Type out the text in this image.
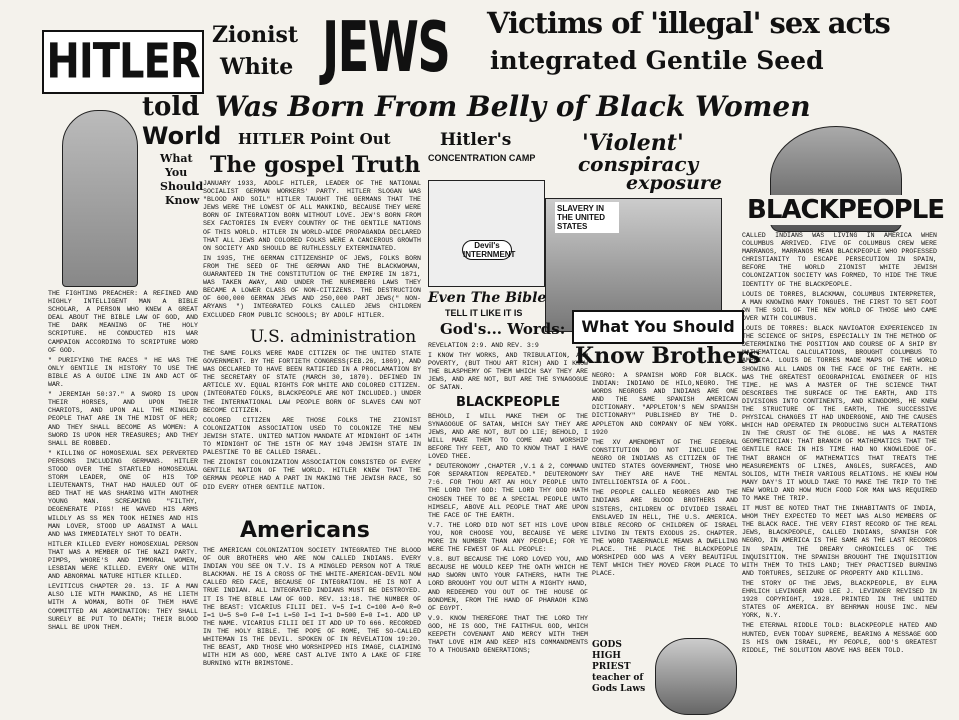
HITLER
told
World
What
You
Should
Know
Zionist
White JEWS Victims of 'illegal' sex acts
integrated Gentile Seed
Was Born From Belly of Black Women
HITLER Point Out
The gospel Truth
Hitler's
CONCENTRATION CAMP
Devil's INTERNMENT
SLAVERY IN THE UNITED STATES
'Violent'
conspiracy
exposure
BLACKPEOPLE
Even The Bible
TELL IT LIKE IT IS
God's... Words:	What You Should
Know Brothers

THE FIGHTING PREACHER: A REFINED AND HIGHLY INTELLIGENT MAN A BIBLE SCHOLAR, A PERSON WHO KNEW A GREAT DEAL ABOUT THE BIBLE LAW OF GOD, AND THE DARK MEANING OF THE HOLY SCRIPTURE. HE CONDUCTED HIS WAR CAMPAIGN ACCORDING TO SCRIPTURE WORD OF GOD.

" PURIFYING THE RACES " HE WAS THE ONLY GENTILE IN HISTORY TO USE THE BIBLE AS A GUIDE LINE IN AND ACT OF WAR.

" JEREMIAH 50:37." A SWORD IS UPON THEIR HORSES, AND UPON THEIR CHARIOTS, AND UPON ALL THE MINGLED PEOPLE THAT ARE IN THE MIDST OF HER; AND THEY SHALL BECOME AS WOMEN: A SWORD IS UPON HER TREASURES; AND THEY SHALL BE ROBBED.

" KILLING OF HOMOSEXUAL SEX PERVERTED PERSONS INCLUDING GERMANS. HITLER STOOD OVER THE STARTLED HOMOSEXUAL STORM LEADER, ONE OF HIS TOP LIEUTENANTS, THAT HAD HAULED OUT OF BED THAT HE WAS SHARING WITH ANOTHER YOUNG MAN. SCREAMING "FILTHY, DEGENERATE PIGS! HE WAVED HIS ARMS WILDLY AS SS MEN TOOK HEINES AND HIS MAN LOVER, STOOD UP AGAINST A WALL AND WAS IMMEDIATELY SHOT TO DEATH.

HITLER KILLED EVERY HOMOSEXUAL PERSON THAT WAS A MEMBER OF THE NAZI PARTY. PIMPS, WHORE'S AND IMMORAL WOMEN, LESBIAN WERE KILLED. EVERY ONE WITH AND ABNORMAL NATURE HITLER KILLED.

LEVITICUS CHAPTER 20. 13. IF A MAN ALSO LIE WITH MANKIND, AS HE LIETH WITH A WOMAN, BOTH OF THEM HAVE COMMITTED AN ABOMINATION: THEY SHALL SURELY BE PUT TO DEATH; THEIR BLOOD SHALL BE UPON THEM.

JANUARY 1933, ADOLF HITLER, LEADER OF THE NATIONAL SOCIALIST GERMAN WORKERS' PARTY. HITLER SLOGAN WAS "BLOOD AND SOIL" HITLER TAUGHT THE GERMANS THAT THE JEWS WERE THE LOWEST OF ALL MANKIND, BECAUSE THEY WERE BORN OF INTEGRATION BORN WITHOUT LOVE. JEW'S BORN FROM SEX FACTORIES IN EVERY COUNTRY OF THE GENTILE NATIONS OF THIS WORLD. HITLER IN WORLD-WIDE PROPAGANDA DECLARED THAT ALL JEWS AND COLORED FOLKS WERE A CANCEROUS GROWTH ON SOCIETY AND SHOULD BE RUTHLESSLY EXTERMINATED.

IN 1935, THE GERMAN CITIZENSHIP OF JEWS, FOLKS BORN FROM THE SEED OF THE GERMAN AND THE BLACKWOMAN, GUARANTEED IN THE CONSTITUTION OF THE EMPIRE IN 1871, WAS TAKEN AWAY, AND UNDER THE NUREMBERG LAWS THEY BECAME A LOWER CLASS OF NON-CITIZENS. THE DESTRUCTION OF 600,000 GERMAN JEWS AND 250,000 PART JEWS(" NON-ARYANS ") INTEGRATED FOLKS CALLED JEWS CHILDREN EXCLUDED FROM PUBLIC SCHOOLS; BY ADOLF HITLER.

U.S. administration

THE SAME FOLKS WERE MADE CITIZEN OF THE UNITED STATE GOVERNMENT. BY THE FORTIETH CONGRESS(FEB.26, 1869), AND WAS DECLARED TO HAVE BEEN RATIFIED IN A PROCLAMATION BY THE SECRETARY OF STATE (MARCH 30, 1870). DEFINED IN ARTICLE XV. EQUAL RIGHTS FOR WHITE AND COLORED CITIZEN. (INTEGRATED FOLKS, BLACKPEOPLE ARE NOT INCLUDED.) UNDER THE INTERNATIONAL LAW PEOPLE BORN OF SLAVES CAN NOT BECOME CITIZEN.

COLORED CITIZEN ARE THOSE FOLKS THE ZIONIST COLONIZATION ASSOCIATION USED TO COLONIZE THE NEW JEWISH STATE. UNITED NATION MANDATE AT MIDNIGHT OF 14TH TO MIDNIGHT OF THE 15TH OF MAY 1948 JEWISH STATE IN PALESTINE TO BE CALLED ISRAEL.

THE ZIONIST COLONIZATION ASSOCIATION CONSISTED OF EVERY GENTILE NATION OF THE WORLD. HITLER KNEW THAT THE GERMAN PEOPLE HAD A PART IN MAKING THE JEWISH RACE, SO DID EVERY OTHER GENTILE NATION.

Americans

THE AMERICAN COLONIZATION SOCIETY INTEGRATED THE BLOOD OF OUR BROTHERS WHO ARE NOW CALLED INDIANS. EVERY INDIAN YOU SEE ON T.V. IS A MINGLED PERSON NOT A TRUE BLACKMAN. HE IS A CROSS OF THE WHITE-AMERICAN-DEVIL NOW CALLED RED FACE, BECAUSE OF INTEGRATION. HE IS NOT A TRUE INDIAN. ALL INTEGRATED INDIANS MUST BE DESTROYED. IT IS THE BIBLE LAW OF GOD. REV. 13:18. THE NUMBER OF THE BEAST: VICARIUS FILII DEI. V=5 I=1 C=100 A=0 R=0 I=1 U=5 S=0 F=0 I=1 L=50 I=1 I=1 D=500 E=0 I=1. ADD UP THE NAME. VICARIUS FILII DEI IT ADD UP TO 666. RECORDED IN THE HOLY BIBLE. THE POPE OF ROME, THE SO-CALLED WHITEMAN IS THE DEVIL. SPOKEN OF IN REVELATION 19:20. THE BEAST, AND THOSE WHO WORSHIPPED HIS IMAGE, CLAIMING WITH HIM AS GOD, WERE CAST ALIVE INTO A LAKE OF FIRE BURNING WITH BRIMSTONE.

REVELATION 2:9. AND REV. 3:9

I KNOW THY WORKS, AND TRIBULATION, AND POVERTY, (BUT THOU ART RICH) AND I KNOW THE BLASPHEMY OF THEM WHICH SAY THEY ARE JEWS, AND ARE NOT, BUT ARE THE SYNAGOGUE OF SATAN.

BLACKPEOPLE

BEHOLD, I WILL MAKE THEM OF THE SYNAGOGUE OF SATAN, WHICH SAY THEY ARE JEWS, AND ARE NOT, BUT DO LIE; BEHOLD, I WILL MAKE THEM TO COME AND WORSHIP BEFORE THY FEET, AND TO KNOW THAT I HAVE LOVED THEE.

" DEUTERONOMY ,CHAPTER ,V.1 & 2, COMMAND FOR SEPARATION REPEATED." DEUTERONOMY 7:6. FOR THOU ART AN HOLY PEOPLE UNTO THE LORD THY GOD: THE LORD THY GOD HATH CHOSEN THEE TO BE A SPECIAL PEOPLE UNTO HIMSELF, ABOVE ALL PEOPLE THAT ARE UPON THE FACE OF THE EARTH.

V.7. THE LORD DID NOT SET HIS LOVE UPON YOU, NOR CHOOSE YOU, BECAUSE YE WERE MORE IN NUMBER THAN ANY PEOPLE; FOR YE WERE THE FEWEST OF ALL PEOPLE:

V.8. BUT BECAUSE THE LORD LOVED YOU, AND BECAUSE HE WOULD KEEP THE OATH WHICH HE HAD SWORN UNTO YOUR FATHERS, HATH THE LORD BROUGHT YOU OUT WITH A MIGHTY HAND, AND REDEEMED YOU OUT OF THE HOUSE OF BONDMEN, FROM THE HAND OF PHARAOH KING OF EGYPT.

V.9. KNOW THEREFORE THAT THE LORD THY GOD, HE IS GOD, THE FAITHFUL GOD, WHICH KEEPETH COVENANT AND MERCY WITH THEM THAT LOVE HIM AND KEEP HIS COMMANDMENTS TO A THOUSAND GENERATIONS;

NEGRO: A SPANISH WORD FOR BLACK. INDIAN: INDIANO DE HILO,NEGRO. THE WORDS NEGROES AND INDIANS ARE ONE AND THE SAME SPANISH AMERICAN DICTIONARY. "APPLETON'S NEW SPANISH DICTIONARY" PUBLISHED BY THE D. APPLETON AND COMPANY OF NEW YORK. 1920

THE XV AMENDMENT OF THE FEDERAL CONSTITUTION DO NOT INCLUDE THE NEGRO OR INDIANS AS CITIZEN OF THE UNITED STATES GOVERNMENT, THOSE WHO SAY THEY ARE HAVE THE MENTAL INTELLIGENTSIA OF A FOOL.

THE PEOPLE CALLED NEGROES AND THE INDIANS ARE BLOOD BROTHERS AND SISTERS, CHILDREN OF DIVIDED ISRAEL ENSLAVED IN HELL, THE U.S. AMERICA. BIBLE RECORD OF CHILDREN OF ISRAEL LIVING IN TENTS EXODUS 25. CHAPTER. THE WORD TABERNACLE MEANS A DWELLING PLACE. THE PLACE THE BLACKPEOPLE WORSHIPED GOD WAS A VERY BEAUTIFUL TENT WHICH THEY MOVED FROM PLACE TO PLACE.

GODS HIGH PRIEST teacher of Gods Laws

CALLED INDIANS WAS LIVING IN AMERICA WHEN COLUMBUS ARRIVED. FIVE OF COLUMBUS CREW WERE MARRANOS, MARRANOS MEAN BLACKPEOPLE WHO PROFESSED CHRISTIANITY TO ESCAPE PERSECUTION IN SPAIN, BEFORE THE WORLD ZIONIST WHITE JEWISH COLONIZATION SOCIETY WAS FORMED, TO HIDE THE TRUE IDENTITY OF THE BLACKPEOPLE.

LOUIS DE TORRES, BLACKMAN, COLUMBUS INTERPRETER, A MAN KNOWING MANY TONGUES. THE FIRST TO SET FOOT ON THE SOIL OF THE NEW WORLD OF THOSE WHO CAME OVER WITH COLUMBUS.

LOUIS DE TORRES: BLACK NAVIGATOR EXPERIENCED IN THE SCIENCE OF SHIPS, ESPECIALLY IN THE METHOD OF DETERMINING THE POSITION AND COURSE OF A SHIP BY MATHEMATICAL CALCULATIONS, BROUGHT COLUMBUS TO AMERICA. LOUIS DE TORRES MADE MAPS OF THE WORLD SHOWING ALL LANDS ON THE FACE OF THE EARTH. HE WAS THE GREATEST GEOGRAPHICAL ENGINEER OF HIS TIME. HE WAS A MASTER OF THE SCIENCE THAT DESCRIBES THE SURFACE OF THE EARTH, AND ITS DIVISIONS INTO CONTINENTS, AND KINGDOMS, HE KNEW THE STRUCTURE OF THE EARTH, THE SUCCESSIVE PHYSICAL CHANGES IT HAD UNDERGONE, AND THE CAUSES WHICH HAD OPERATED IN PRODUCING SUCH ALTERATIONS IN THE CRUST OF THE GLOBE. HE WAS A MASTER GEOMETRICIAN: THAT BRANCH OF MATHEMATICS THAT THE GENTILE RACE IN HIS TIME HAD NO KNOWLEDGE OF. THAT BRANCH OF MATHEMATICS THAT TREATS THE MEASUREMENTS OF LINES, ANGLES, SURFACES, AND SOLIDS, WITH THEIR VARIOUS RELATIONS. HE KNEW HOW MANY DAY'S IT WOULD TAKE TO MAKE THE TRIP TO THE NEW WORLD AND HOW MUCH FOOD FOR MAN WAS REQUIRED TO MAKE THE TRIP.

IT MUST BE NOTED THAT THE INHABITANTS OF INDIA, WHOM THEY EXPECTED TO MEET WAS ALSO MEMBERS OF THE BLACK RACE. THE VERY FIRST RECORD OF THE REAL JEWS, BLACKPEOPLE, CALLED INDIANS, SPANISH FOR NEGRO, IN AMERICA IS THE SAME AS THE LAST RECORDS IN SPAIN, THE DREARY CHRONICLES OF THE INQUISITION. THE SPANISH BROUGHT THE INQUISITION WITH THEM TO THIS LAND; THEY PRACTISED BURNING AND TORTURES, SEIZURE OF PROPERTY AND KILLING.

THE STORY OF THE JEWS, BLACKPEOPLE, BY ELMA EHRLICH LEVINGER AND LEE J. LEVINGER REVISED IN 1928 COPYRIGHT, 1928. PRINTED IN THE UNITED STATES OF AMERICA. BY BEHRMAN HOUSE INC. NEW YORK, N.Y.

THE ETERNAL RIDDLE TOLD: BLACKPEOPLE HATED AND HUNTED, EVEN TODAY SUPREME, BEARING A MESSAGE GOD IS HIS OWN ISRAEL, MY PEOPLE, GOD'S GREATEST RIDDLE, THE SOLUTION ABOVE HAS BEEN TOLD.
